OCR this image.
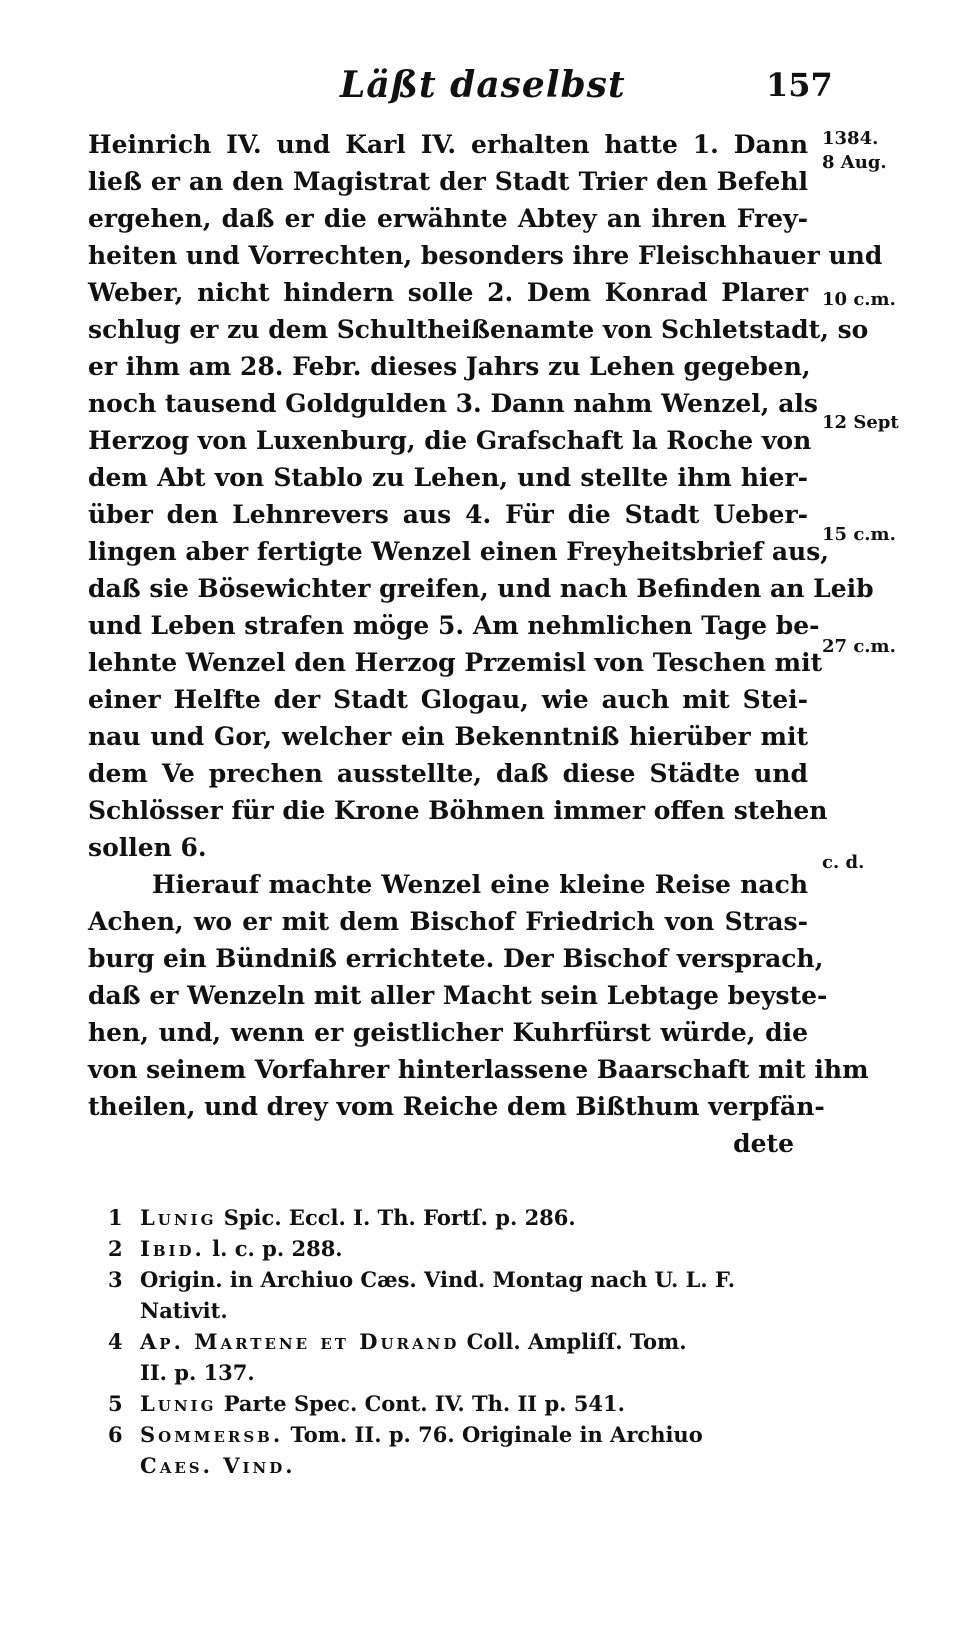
Läßt daselbst	157
Heinrich IV. und Karl IV. erhalten hatte 1. Dann
ließ er an den Magistrat der Stadt Trier den Befehl
ergehen, daß er die erwähnte Abtey an ihren Frey-
heiten und Vorrechten, besonders ihre Fleischhauer und
Weber, nicht hindern solle 2. Dem Konrad Plarer
schlug er zu dem Schultheißenamte von Schletstadt, so
er ihm am 28. Febr. dieses Jahrs zu Lehen gegeben,
noch tausend Goldgulden 3. Dann nahm Wenzel, als
Herzog von Luxenburg, die Grafschaft la Roche von
dem Abt von Stablo zu Lehen, und stellte ihm hier-
über den Lehnrevers aus 4. Für die Stadt Ueber-
lingen aber fertigte Wenzel einen Freyheitsbrief aus,
daß sie Bösewichter greifen, und nach Befinden an Leib
und Leben strafen möge 5. Am nehmlichen Tage be-
lehnte Wenzel den Herzog Przemisl von Teschen mit
einer Helfte der Stadt Glogau, wie auch mit Stei-
nau und Gor, welcher ein Bekenntniß hierüber mit
dem Ve prechen ausstellte, daß diese Städte und
Schlösser für die Krone Böhmen immer offen stehen
sollen 6.
Hierauf machte Wenzel eine kleine Reise nach
Achen, wo er mit dem Bischof Friedrich von Stras-
burg ein Bündniß errichtete. Der Bischof versprach,
daß er Wenzeln mit aller Macht sein Lebtage beyste-
hen, und, wenn er geistlicher Kuhrfürst würde, die
von seinem Vorfahrer hinterlassene Baarschaft mit ihm
theilen, und drey vom Reiche dem Bißthum verpfän-
dete
1384.
8 Aug.
10 c.m.
12 Sept
15 c.m.
27 c.m.
c. d.
1 Lunig Spic. Eccl. I. Th. Fortſ. p. 286.
2 Ibid. l. c. p. 288.
3 Origin. in Archiuo Cæs. Vind. Montag nach U. L. F.
Nativit.
4 Ap. Martene et Durand Coll. Ampliſſ. Tom.
II. p. 137.
5 Lunig Parte Spec. Cont. IV. Th. II p. 541.
6 Sommersb. Tom. II. p. 76. Originale in Archiuo
Caes. Vind.
